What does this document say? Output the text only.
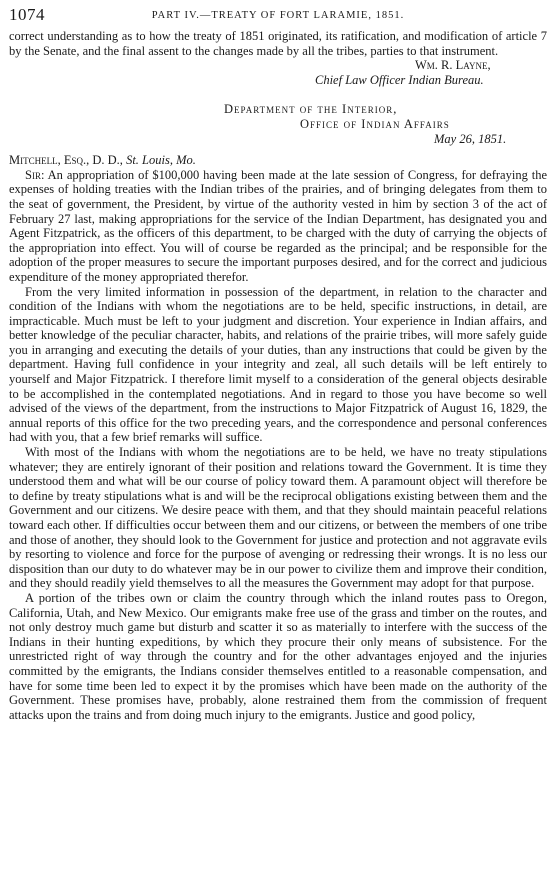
1074	PART IV.—TREATY OF FORT LARAMIE, 1851.

correct understanding as to how the treaty of 1851 originated, its ratification, and modification of article 7 by the Senate, and the final assent to the changes made by all the tribes, parties to that instrument.

Wm. R. Layne,
Chief Law Officer Indian Bureau.
Department of the Interior,
Office of Indian Affairs
May 26, 1851.

Mitchell, Esq., D. D., St. Louis, Mo.

Sir: An appropriation of $100,000 having been made at the late session of Congress, for defraying the expenses of holding treaties with the Indian tribes of the prairies, and of bringing delegates from them to the seat of government, the President, by virtue of the authority vested in him by section 3 of the act of February 27 last, making appropriations for the service of the Indian Department, has designated you and Agent Fitzpatrick, as the officers of this department, to be charged with the duty of carrying the objects of the appropriation into effect. You will of course be regarded as the principal; and be responsible for the adoption of the proper measures to secure the important purposes desired, and for the correct and judicious expenditure of the money appropriated therefor.

From the very limited information in possession of the department, in relation to the character and condition of the Indians with whom the negotiations are to be held, specific instructions, in detail, are impracticable. Much must be left to your judgment and discretion. Your experience in Indian affairs, and better knowledge of the peculiar character, habits, and relations of the prairie tribes, will more safely guide you in arranging and executing the details of your duties, than any instructions that could be given by the department. Having full confidence in your integrity and zeal, all such details will be left entirely to yourself and Major Fitzpatrick. I therefore limit myself to a consideration of the general objects desirable to be accomplished in the contemplated negotiations. And in regard to those you have become so well advised of the views of the department, from the instructions to Major Fitzpatrick of August 16, 1829, the annual reports of this office for the two preceding years, and the correspondence and personal conferences had with you, that a few brief remarks will suffice.

With most of the Indians with whom the negotiations are to be held, we have no treaty stipulations whatever; they are entirely ignorant of their position and relations toward the Government. It is time they understood them and what will be our course of policy toward them. A paramount object will therefore be to define by treaty stipulations what is and will be the reciprocal obligations existing between them and the Government and our citizens. We desire peace with them, and that they should maintain peaceful relations toward each other. If difficulties occur between them and our citizens, or between the members of one tribe and those of another, they should look to the Government for justice and protection and not aggravate evils by resorting to violence and force for the purpose of avenging or redressing their wrongs. It is no less our disposition than our duty to do whatever may be in our power to civilize them and improve their condition, and they should readily yield themselves to all the measures the Government may adopt for that purpose.

A portion of the tribes own or claim the country through which the inland routes pass to Oregon, California, Utah, and New Mexico. Our emigrants make free use of the grass and timber on the routes, and not only destroy much game but disturb and scatter it so as materially to interfere with the success of the Indians in their hunting expeditions, by which they procure their only means of subsistence. For the unrestricted right of way through the country and for the other advantages enjoyed and the injuries committed by the emigrants, the Indians consider themselves entitled to a reasonable compensation, and have for some time been led to expect it by the promises which have been made on the authority of the Government. These promises have, probably, alone restrained them from the commission of frequent attacks upon the trains and from doing much injury to the emigrants. Justice and good policy,
